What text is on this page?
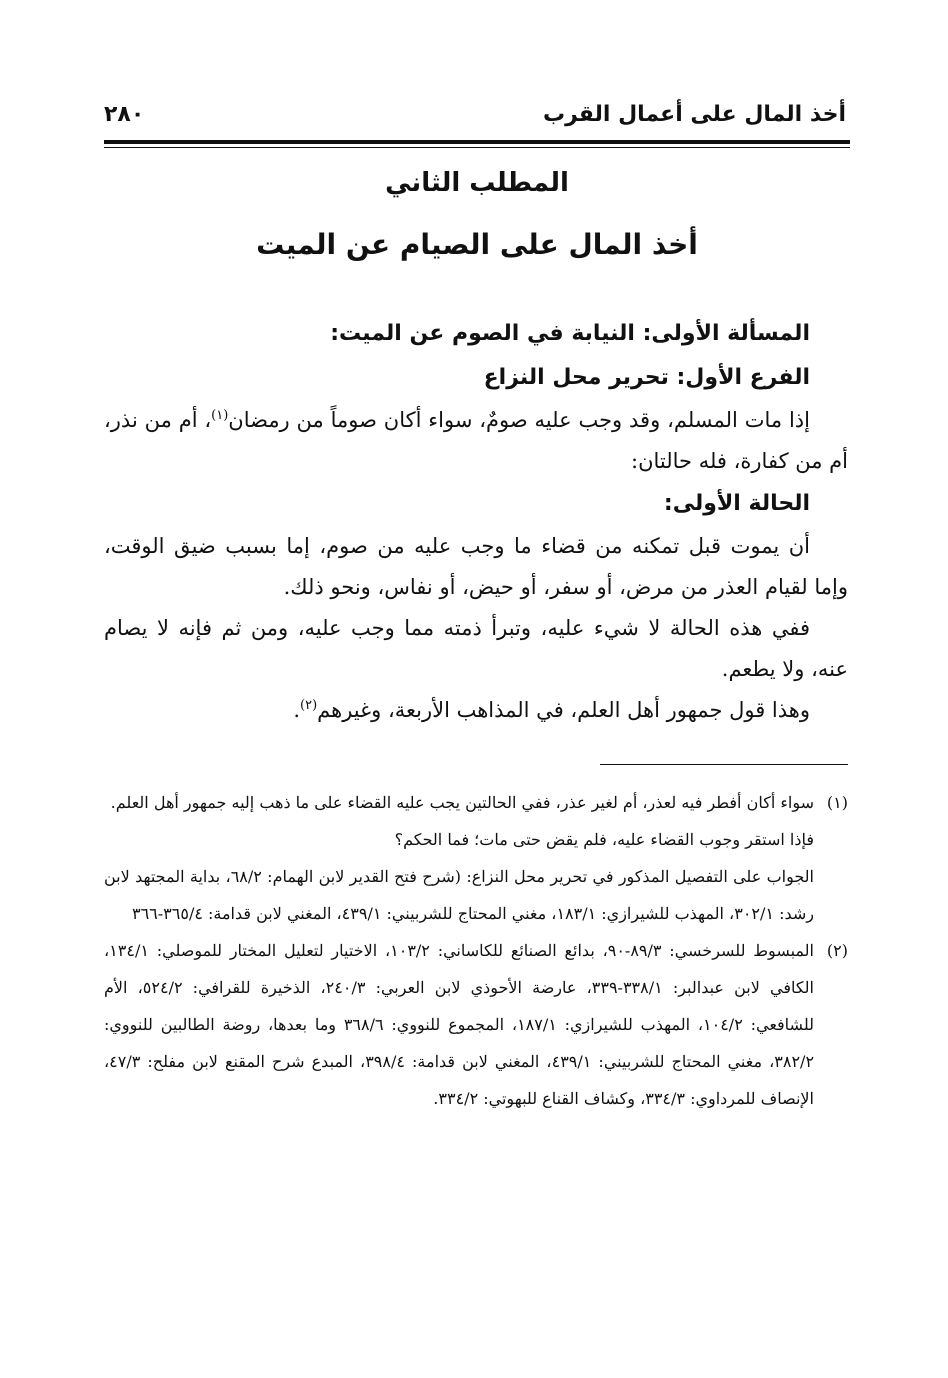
أخذ المال على أعمال القرب
٢٨٠
المطلب الثاني
أخذ المال على الصيام عن الميت

المسألة الأولى: النيابة في الصوم عن الميت:

الفرع الأول: تحرير محل النزاع

إذا مات المسلم، وقد وجب عليه صومٌ، سواء أكان صوماً من رمضان$^{(١)}$، أم من نذر، أم من كفارة، فله حالتان:

الحالة الأولى:

أن يموت قبل تمكنه من قضاء ما وجب عليه من صوم، إما بسبب ضيق الوقت، وإما لقيام العذر من مرض، أو سفر، أو حيض، أو نفاس، ونحو ذلك.

ففي هذه الحالة لا شيء عليه، وتبرأ ذمته مما وجب عليه، ومن ثم فإنه لا يصام عنه، ولا يطعم.

وهذا قول جمهور أهل العلم، في المذاهب الأربعة، وغيرهم$^{(٢)}$.

(١)سواء أكان أفطر فيه لعذر، أم لغير عذر، ففي الحالتين يجب عليه القضاء على ما ذهب إليه جمهور أهل العلم.

فإذا استقر وجوب القضاء عليه، فلم يقض حتى مات؛ فما الحكم؟

الجواب على التفصيل المذكور في تحرير محل النزاع: (شرح فتح القدير لابن الهمام: ٦٨/٢، بداية المجتهد لابن رشد: ٣٠٢/١، المهذب للشيرازي: ١٨٣/١، مغني المحتاج للشربيني: ٤٣٩/١، المغني لابن قدامة: ٣٦٥/٤-٣٦٦

(٢)المبسوط للسرخسي: ٨٩/٣-٩٠، بدائع الصنائع للكاساني: ١٠٣/٢، الاختيار لتعليل المختار للموصلي: ١٣٤/١، الكافي لابن عبدالبر: ٣٣٨/١-٣٣٩، عارضة الأحوذي لابن العربي: ٢٤٠/٣، الذخيرة للقرافي: ٥٢٤/٢، الأم للشافعي: ١٠٤/٢، المهذب للشيرازي: ١٨٧/١، المجموع للنووي: ٣٦٨/٦ وما بعدها، روضة الطالبين للنووي: ٣٨٢/٢، مغني المحتاج للشربيني: ٤٣٩/١، المغني لابن قدامة: ٣٩٨/٤، المبدع شرح المقنع لابن مفلح: ٤٧/٣، الإنصاف للمرداوي: ٣٣٤/٣، وكشاف القناع للبهوتي: ٣٣٤/٢.
